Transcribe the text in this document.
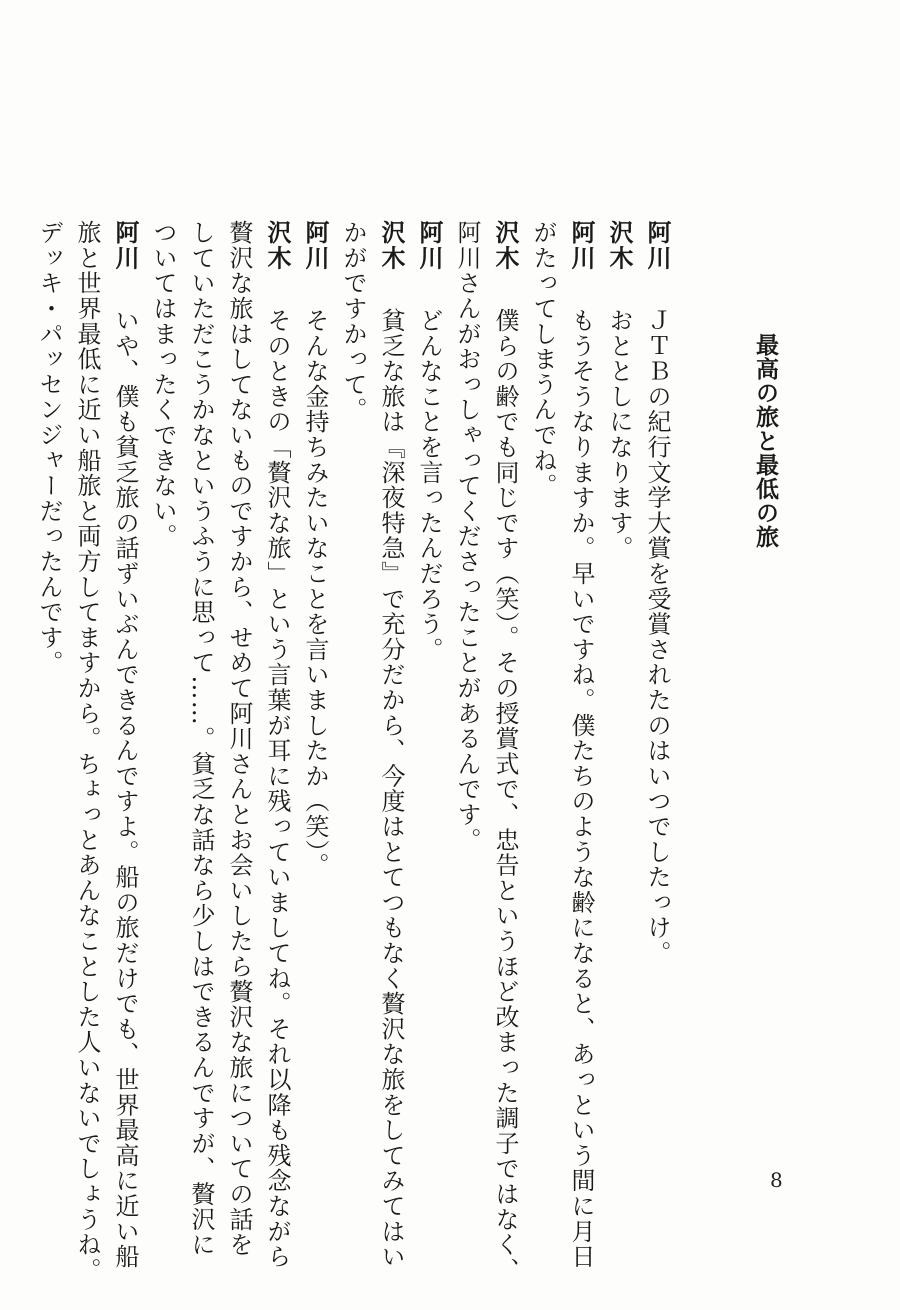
最高の旅と最低の旅
阿川　ＪＴＢの紀行文学大賞を受賞されたのはいつでしたっけ。
沢木　おととしになります。
阿川　もうそうなりますか。早いですね。僕たちのような齢になると、あっという間に月日
がたってしまうんでね。
沢木　僕らの齢でも同じです（笑）。その授賞式で、忠告というほど改まった調子ではなく、
阿川さんがおっしゃってくださったことがあるんです。
阿川　どんなことを言ったんだろう。
沢木　貧乏な旅は『深夜特急』で充分だから、今度はとてつもなく贅沢な旅をしてみてはい
かがですかって。
阿川　そんな金持ちみたいなことを言いましたか（笑）。
沢木　そのときの「贅沢な旅」という言葉が耳に残っていましてね。それ以降も残念ながら
贅沢な旅はしてないものですから、せめて阿川さんとお会いしたら贅沢な旅についての話を
していただこうかなというふうに思って……。貧乏な話なら少しはできるんですが、贅沢に
ついてはまったくできない。
阿川　いや、僕も貧乏旅の話ずいぶんできるんですよ。船の旅だけでも、世界最高に近い船
旅と世界最低に近い船旅と両方してますから。ちょっとあんなことした人いないでしょうね。
デッキ・パッセンジャーだったんです。
8
